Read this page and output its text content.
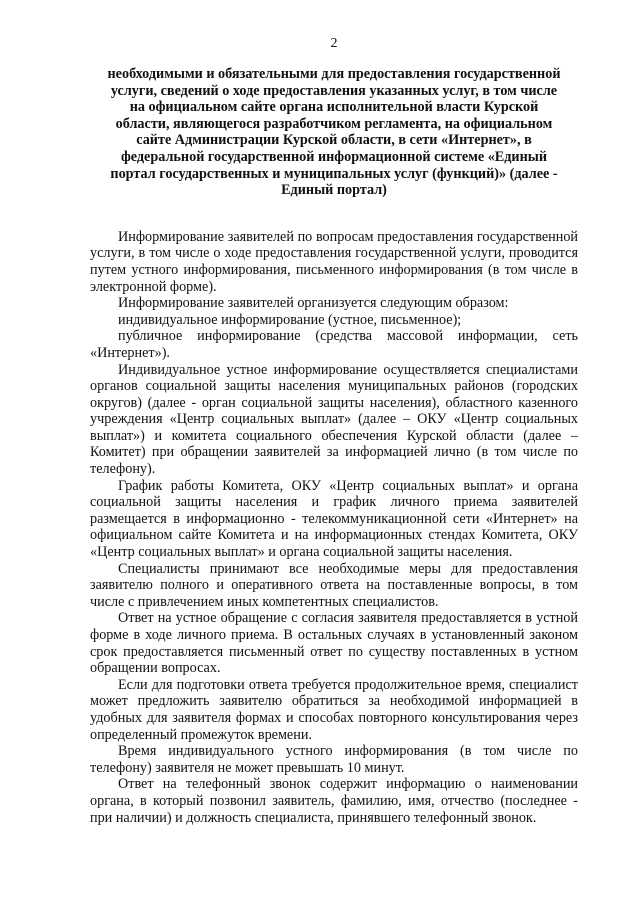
2
необходимыми и обязательными для предоставления государственной
услуги, сведений о ходе предоставления указанных услуг, в том числе
на официальном сайте органа исполнительной власти Курской
области, являющегося разработчиком регламента, на официальном
сайте Администрации Курской области, в сети «Интернет», в
федеральной государственной информационной системе «Единый
портал государственных и муниципальных услуг (функций)» (далее -
Единый портал)

Информирование заявителей по вопросам предоставления государственной услуги, в том числе о ходе предоставления государственной услуги, проводится путем устного информирования, письменного информирования (в том числе в электронной форме).

Информирование заявителей организуется следующим образом:

индивидуальное информирование (устное, письменное);

публичное информирование (средства массовой информации, сеть «Интернет»).

Индивидуальное устное информирование осуществляется специалистами органов социальной защиты населения муниципальных районов (городских округов) (далее - орган социальной защиты населения), областного казенного учреждения «Центр социальных выплат» (далее – ОКУ «Центр социальных выплат») и комитета социального обеспечения Курской области (далее – Комитет) при обращении заявителей за информацией лично (в том числе по телефону).

График работы Комитета, ОКУ «Центр социальных выплат» и органа социальной защиты населения и график личного приема заявителей размещается в информационно - телекоммуникационной сети «Интернет» на официальном сайте Комитета и на информационных стендах Комитета, ОКУ «Центр социальных выплат» и органа социальной защиты населения.

Специалисты принимают все необходимые меры для предоставления заявителю полного и оперативного ответа на поставленные вопросы, в том числе с привлечением иных компетентных специалистов.

Ответ на устное обращение с согласия заявителя предоставляется в устной форме в ходе личного приема. В остальных случаях в установленный законом срок предоставляется письменный ответ по существу поставленных в устном обращении вопросах.

Если для подготовки ответа требуется продолжительное время, специалист может предложить заявителю обратиться за необходимой информацией в удобных для заявителя формах и способах повторного консультирования через определенный промежуток времени.

Время индивидуального устного информирования (в том числе по телефону) заявителя не может превышать 10 минут.

Ответ на телефонный звонок содержит информацию о наименовании органа, в который позвонил заявитель, фамилию, имя, отчество (последнее - при наличии) и должность специалиста, принявшего телефонный звонок.
